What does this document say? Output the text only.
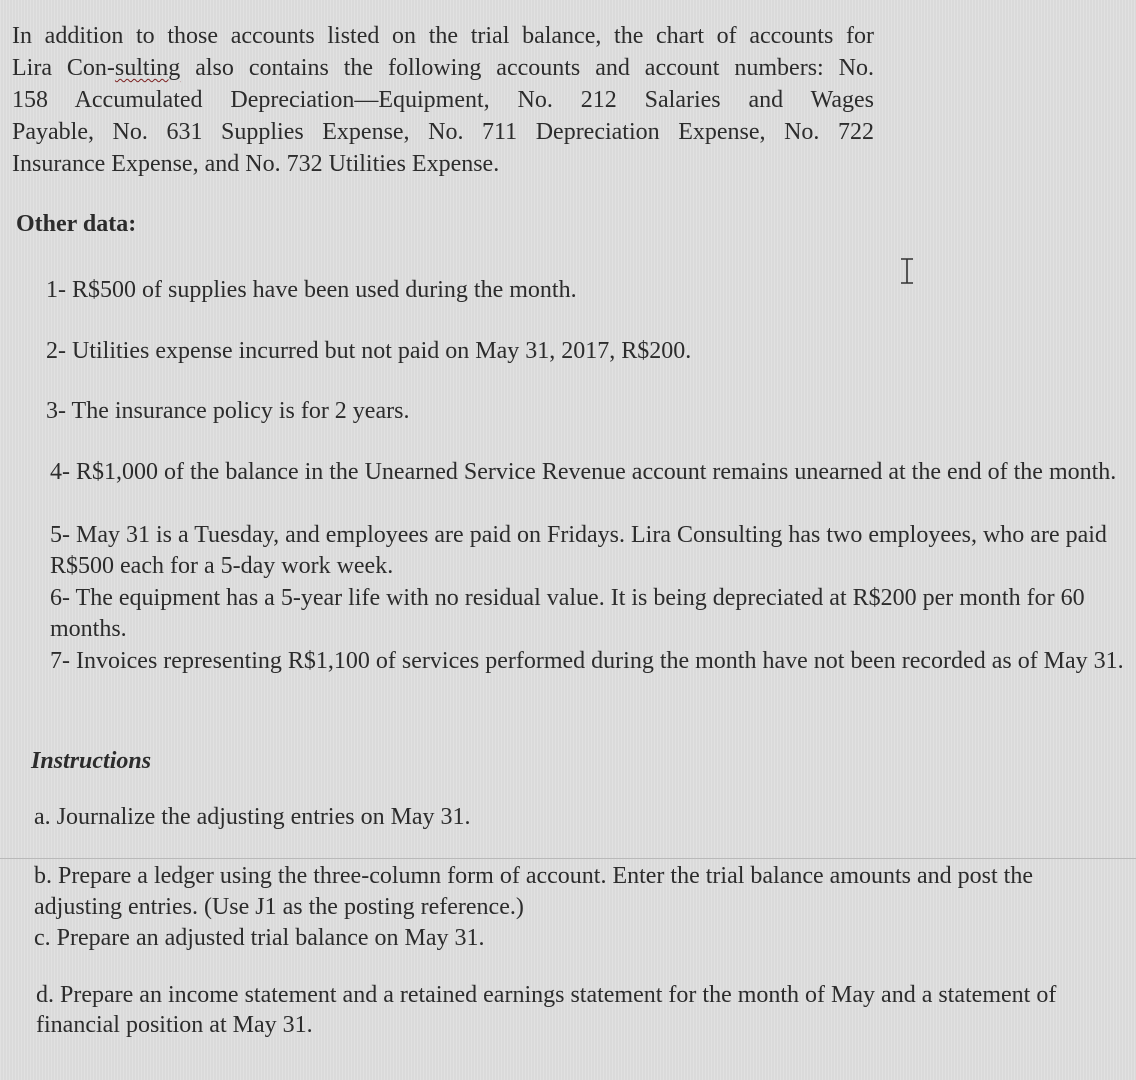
In addition to those accounts listed on the trial balance, the chart of accounts for
Lira Con-sulting also contains the following accounts and account numbers: No.
158 Accumulated Depreciation—Equipment, No. 212 Salaries and Wages
Payable, No. 631 Supplies Expense, No. 711 Depreciation Expense, No. 722
Insurance Expense, and No. 732 Utilities Expense.

Other data:

1- R$500 of supplies have been used during the month.

2- Utilities expense incurred but not paid on May 31, 2017, R$200.

3- The insurance policy is for 2 years.

4- R$1,000 of the balance in the Unearned Service Revenue account remains unearned at the end of the month.

5- May 31 is a Tuesday, and employees are paid on Fridays. Lira Consulting has two employees, who are paid R$500 each for a 5-day work week.

6- The equipment has a 5-year life with no residual value. It is being depreciated at R$200 per month for 60 months.

7- Invoices representing R$1,100 of services performed during the month have not been recorded as of May 31.

Instructions

a. Journalize the adjusting entries on May 31.

b. Prepare a ledger using the three-column form of account. Enter the trial balance amounts and post the adjusting entries. (Use J1 as the posting reference.)

c. Prepare an adjusted trial balance on May 31.

d. Prepare an income statement and a retained earnings statement for the month of May and a statement of financial position at May 31.
